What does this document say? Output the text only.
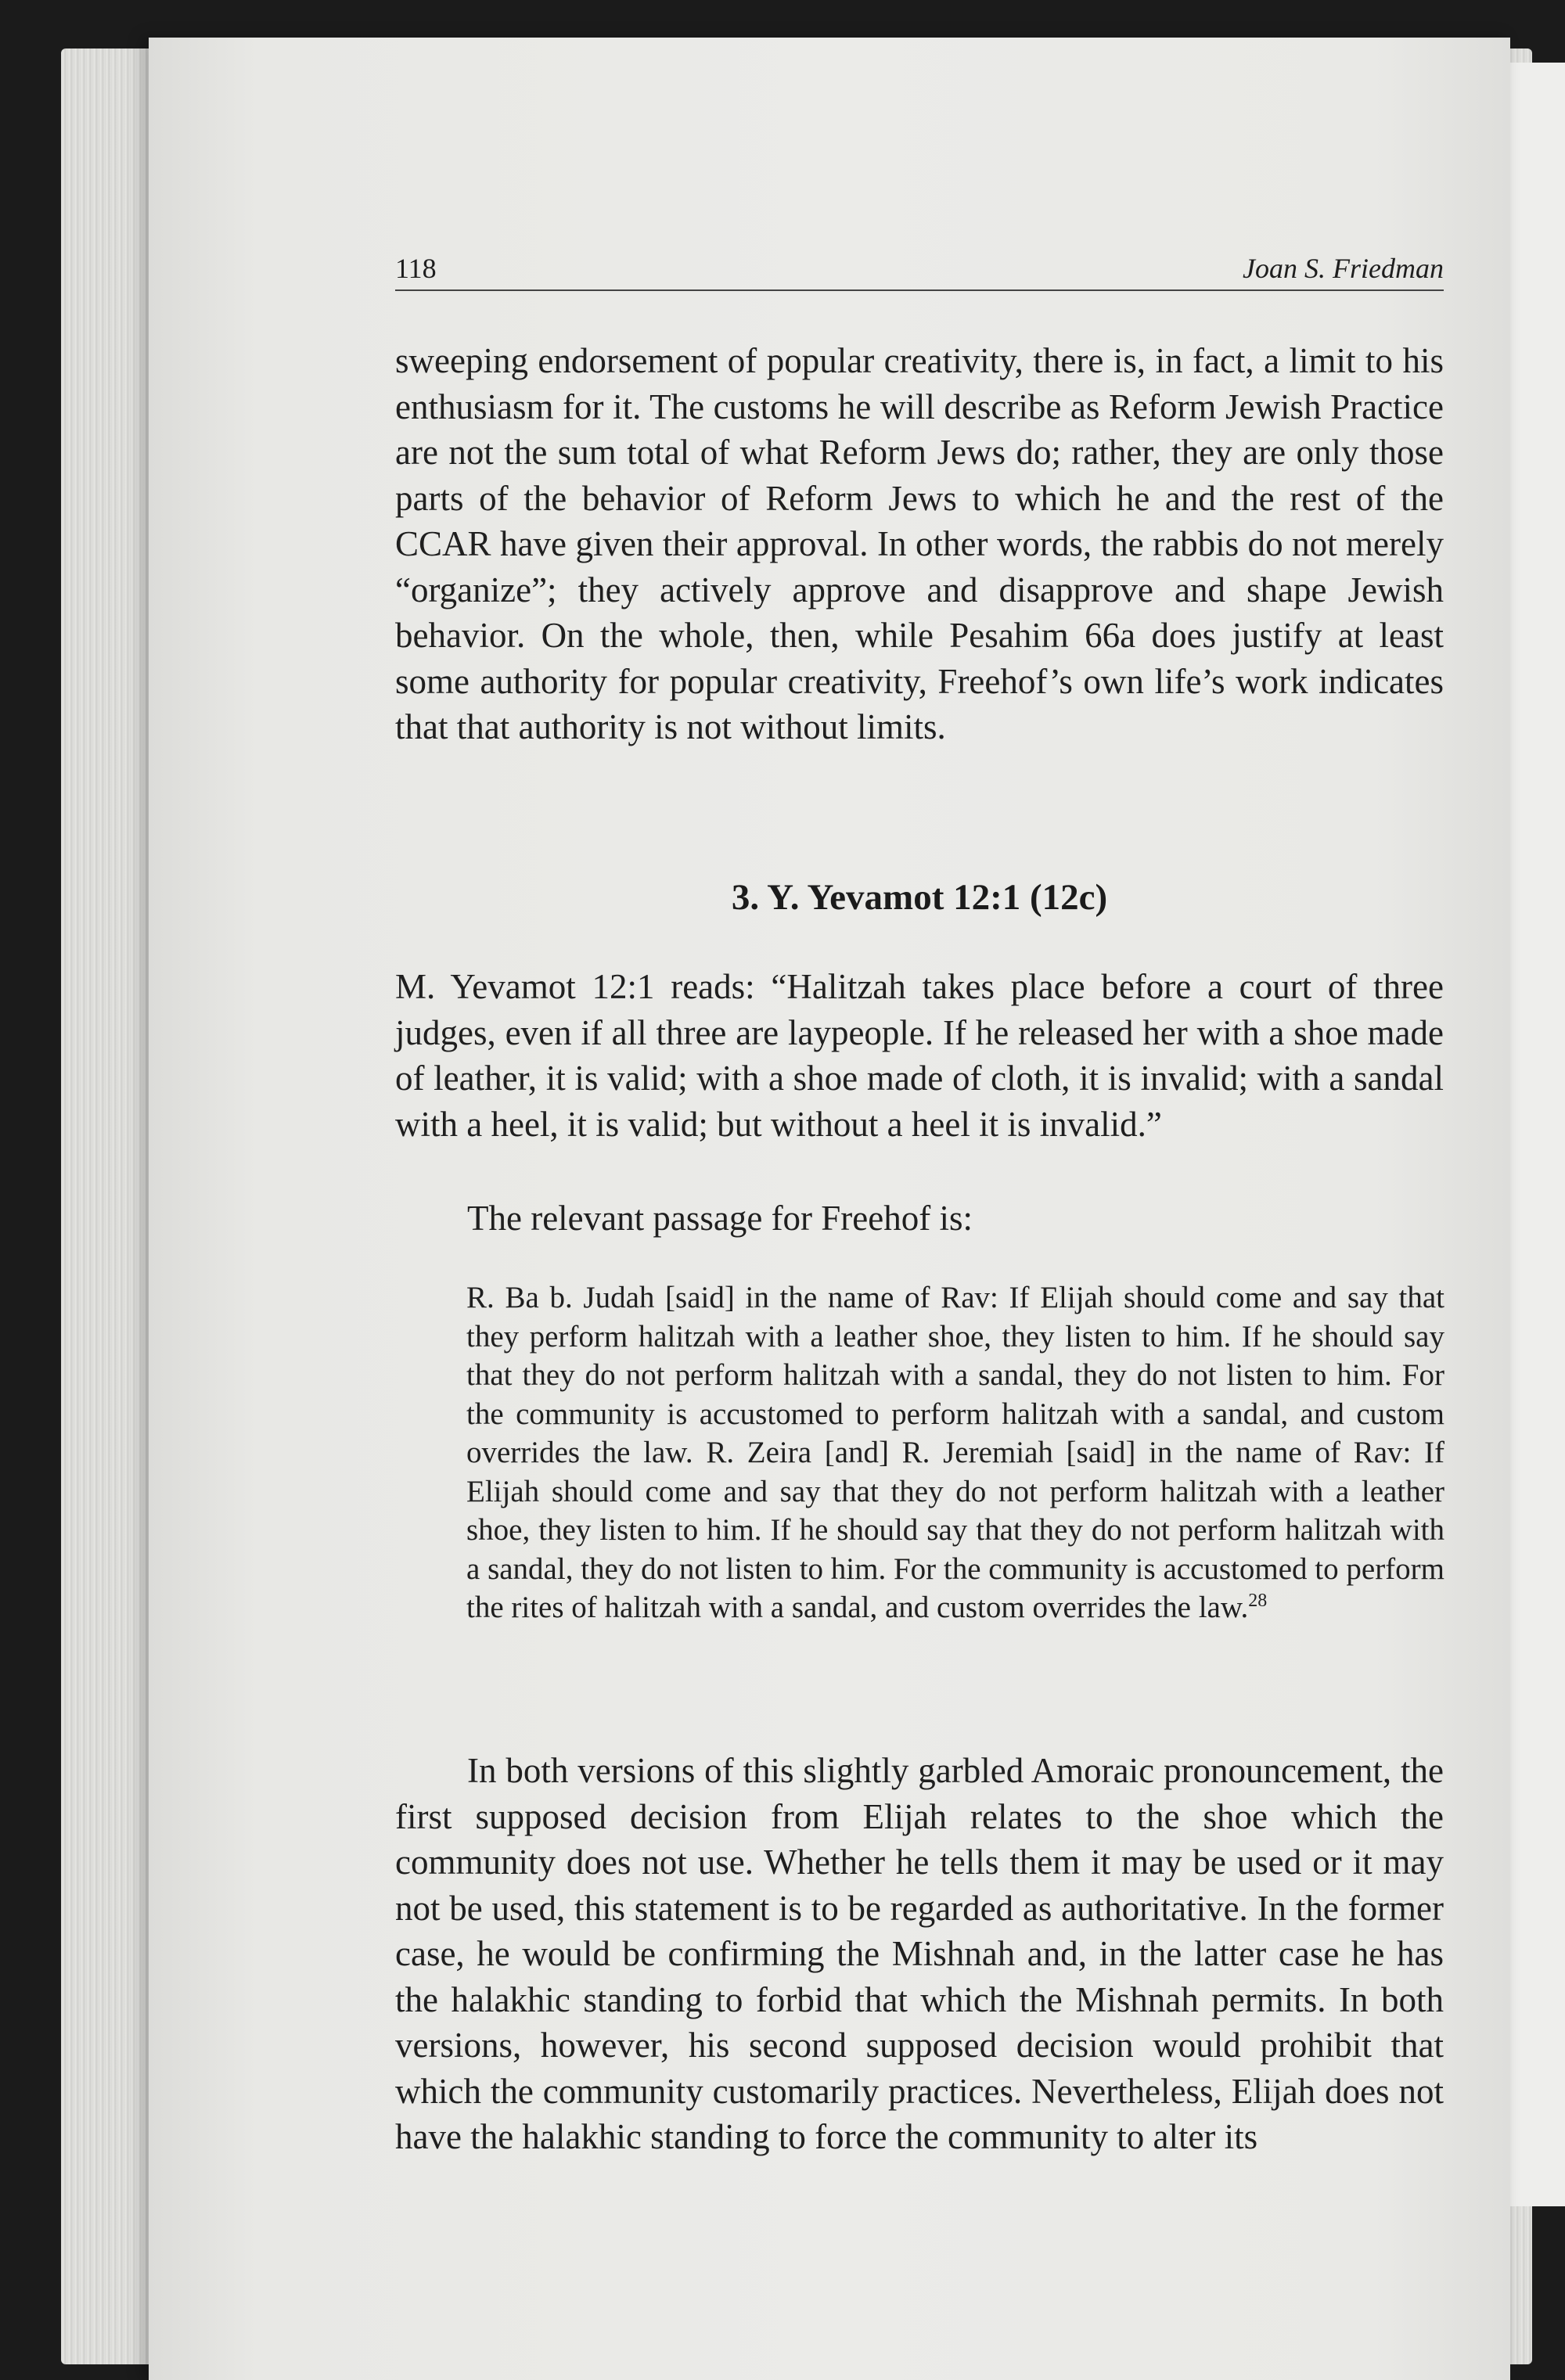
118	Joan S. Friedman

sweeping endorsement of popular creativity, there is, in fact, a limit to his enthusiasm for it. The customs he will describe as Reform Jewish Practice are not the sum total of what Reform Jews do; rather, they are only those parts of the behavior of Reform Jews to which he and the rest of the CCAR have given their approval. In other words, the rabbis do not merely “organize”; they actively approve and disapprove and shape Jewish behavior. On the whole, then, while Pesahim 66a does justify at least some authority for popular creativity, Freehof’s own life’s work indicates that that authority is not without limits.

3. Y. Yevamot 12:1 (12c)

M. Yevamot 12:1 reads: “Halitzah takes place before a court of three judges, even if all three are laypeople. If he released her with a shoe made of leather, it is valid; with a shoe made of cloth, it is invalid; with a sandal with a heel, it is valid; but without a heel it is invalid.”

The relevant passage for Freehof is:

R. Ba b. Judah [said] in the name of Rav: If Elijah should come and say that they perform halitzah with a leather shoe, they listen to him. If he should say that they do not perform halitzah with a sandal, they do not listen to him. For the community is accustomed to perform halitzah with a sandal, and custom overrides the law. R. Zeira [and] R. Jeremiah [said] in the name of Rav: If Elijah should come and say that they do not perform halitzah with a leather shoe, they listen to him. If he should say that they do not perform halitzah with a sandal, they do not listen to him. For the community is accustomed to perform the rites of halitzah with a sandal, and custom overrides the law.$^{28}$

In both versions of this slightly garbled Amoraic pronouncement, the first supposed decision from Elijah relates to the shoe which the community does not use. Whether he tells them it may be used or it may not be used, this statement is to be regarded as authoritative. In the former case, he would be confirming the Mishnah and, in the latter case he has the halakhic standing to forbid that which the Mishnah permits. In both versions, however, his second supposed decision would prohibit that which the community customarily practices. Nevertheless, Elijah does not have the halakhic standing to force the community to alter its
